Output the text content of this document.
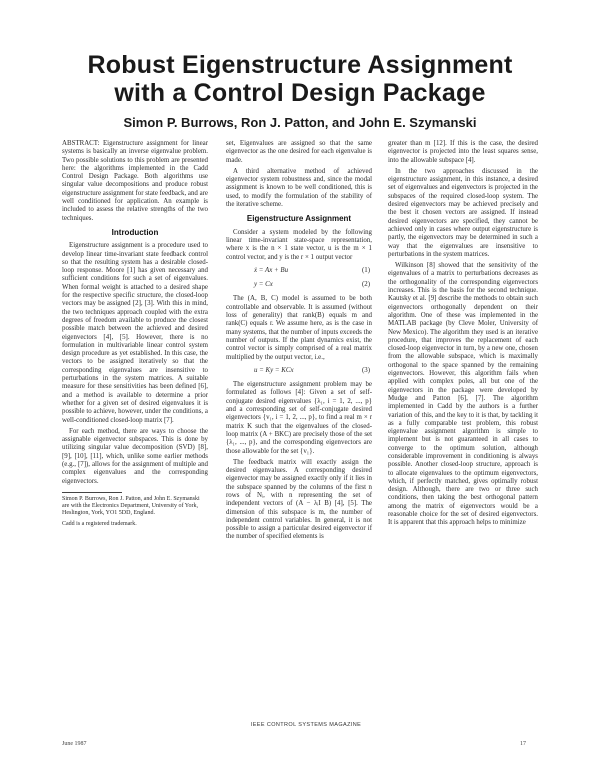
Robust Eigenstructure Assignment
with a Control Design Package
Simon P. Burrows, Ron J. Patton, and John E. Szymanski

ABSTRACT: Eigenstructure assignment for linear systems is basically an inverse eigenvalue problem. Two possible solutions to this problem are presented here: the algorithms implemented in the Cadd Control Design Package. Both algorithms use singular value decompositions and produce robust eigenstructure assignment for state feedback, and are well conditioned for application. An example is included to assess the relative strengths of the two techniques.

Introduction

Eigenstructure assignment is a procedure used to develop linear time-invariant state feedback control so that the resulting system has a desirable closed-loop response. Moore [1] has given necessary and sufficient conditions for such a set of eigenvalues. When formal weight is attached to a desired shape for the respective specific structure, the closed-loop vectors may be assigned [2], [3]. With this in mind, the two techniques approach coupled with the extra degrees of freedom available to produce the closest possible match between the achieved and desired eigenvectors [4], [5]. However, there is no formulation in multivariable linear control system design procedure as yet established. In this case, the vectors to be assigned iteratively so that the corresponding eigenvalues are insensitive to perturbations in the system matrices. A suitable measure for these sensitivities has been defined [6], and a method is available to determine a prior whether for a given set of desired eigenvalues it is possible to achieve, however, under the conditions, a well-conditioned closed-loop matrix [7].

For each method, there are ways to choose the assignable eigenvector subspaces. This is done by utilizing singular value decomposition (SVD) [8], [9], [10], [11], which, unlike some earlier methods (e.g., [7]), allows for the assignment of multiple and complex eigenvalues and the corresponding eigenvectors.

Simon P. Burrows, Ron J. Patton, and John E. Szymanski are with the Electronics Department, University of York, Heslington, York, YO1 5DD, England.

Cadd is a registered trademark.

set, Eigenvalues are assigned so that the same eigenvector as the one desired for each eigenvalue is made.

A third alternative method of achieved eigenvector system robustness and, since the modal assignment is known to be well conditioned, this is used, to modify the formulation of the stability of the iterative scheme.

Eigenstructure Assignment

Consider a system modeled by the following linear time-invariant state-space representation, where x is the n × 1 state vector, u is the m × 1 control vector, and y is the r × 1 output vector

ẋ = Ax + Bu	(1)
y = Cx	(2)

The (A, B, C) model is assumed to be both controllable and observable. It is assumed (without loss of generality) that rank(B) equals m and rank(C) equals r. We assume here, as is the case in many systems, that the number of inputs exceeds the number of outputs. If the plant dynamics exist, the control vector is simply comprised of a real matrix multiplied by the output vector, i.e.,

u = Ky = KCx	(3)

The eigenstructure assignment problem may be formulated as follows [4]: Given a set of self-conjugate desired eigenvalues {λ₁, i = 1, 2, ..., p} and a corresponding set of self-conjugate desired eigenvectors {v₁, i = 1, 2, ..., p}, to find a real m × r matrix K such that the eigenvalues of the closed-loop matrix (A + BKC) are precisely those of the set {λ₁, ..., p}, and the corresponding eigenvectors are those allowable for the set {v₁}.

The feedback matrix will exactly assign the desired eigenvalues. A corresponding desired eigenvector may be assigned exactly only if it lies in the subspace spanned by the columns of the first n rows of Nᵢ, with n representing the set of independent vectors of (A − λᵢI B) [4], [5]. The dimension of this subspace is m, the number of independent control variables. In general, it is not possible to assign a particular desired eigenvector if the number of specified elements is

greater than m [12]. If this is the case, the desired eigenvector is projected into the least squares sense, into the allowable subspace [4].

In the two approaches discussed in the eigenstructure assignment, in this instance, a desired set of eigenvalues and eigenvectors is projected in the subspaces of the required closed-loop system. The desired eigenvectors may be achieved precisely and the best it chosen vectors are assigned. If instead desired eigenvectors are specified, they cannot be achieved only in cases where output eigenstructure is partly, the eigenvectors may be determined in such a way that the eigenvalues are insensitive to perturbations in the system matrices.

Wilkinson [8] showed that the sensitivity of the eigenvalues of a matrix to perturbations decreases as the orthogonality of the corresponding eigenvectors increases. This is the basis for the second technique. Kautsky et al. [9] describe the methods to obtain such eigenvectors orthogonally dependent on their algorithm. One of these was implemented in the MATLAB package (by Cleve Moler, University of New Mexico). The algorithm they used is an iterative procedure, that improves the replacement of each closed-loop eigenvector in turn, by a new one, chosen from the allowable subspace, which is maximally orthogonal to the space spanned by the remaining eigenvectors. However, this algorithm fails when applied with complex poles, all but one of the eigenvectors in the package were developed by Mudge and Patton [6], [7]. The algorithm implemented in Cadd by the authors is a further variation of this, and the key to it is that, by tackling it as a fully comparable test problem, this robust eigenvalue assignment algorithm is simple to implement but is not guaranteed in all cases to converge to the optimum solution, although considerable improvement in conditioning is always possible. Another closed-loop structure, approach is to allocate eigenvalues to the optimum eigenvectors, which, if perfectly matched, gives optimally robust design. Although, there are two or three such conditions, then taking the best orthogonal pattern among the matrix of eigenvectors would be a reasonable choice for the set of desired eigenvectors. It is apparent that this approach helps to minimize

IEEE CONTROL SYSTEMS MAGAZINE
June 1987	17
